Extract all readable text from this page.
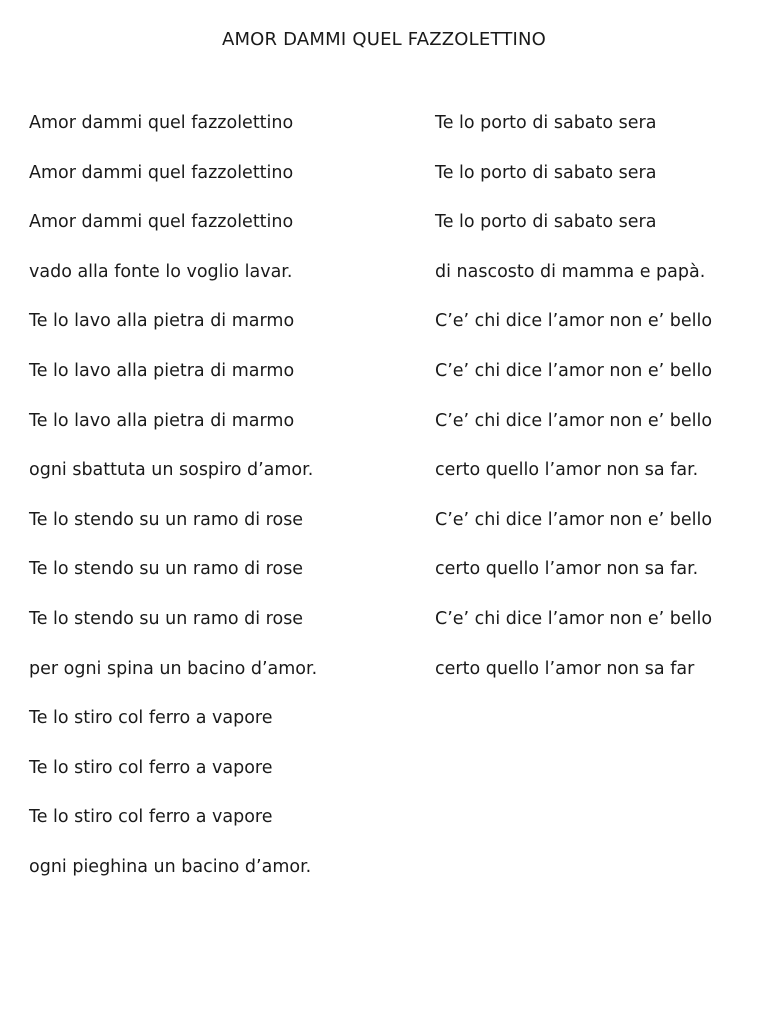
AMOR DAMMI QUEL FAZZOLETTINO
Amor dammi quel fazzolettino
Amor dammi quel fazzolettino
Amor dammi quel fazzolettino
vado alla fonte lo voglio lavar.
Te lo lavo alla pietra di marmo
Te lo lavo alla pietra di marmo
Te lo lavo alla pietra di marmo
ogni sbattuta un sospiro d’amor.
Te lo stendo su un ramo di rose
Te lo stendo su un ramo di rose
Te lo stendo su un ramo di rose
per ogni spina un bacino d’amor.
Te lo stiro col ferro a vapore
Te lo stiro col ferro a vapore
Te lo stiro col ferro a vapore
ogni pieghina un bacino d’amor.
Te lo porto di sabato sera
Te lo porto di sabato sera
Te lo porto di sabato sera
di nascosto di mamma e papà.
C’e’ chi dice l’amor non e’ bello
C’e’ chi dice l’amor non e’ bello
C’e’ chi dice l’amor non e’ bello
certo quello l’amor non sa far.
C’e’ chi dice l’amor non e’ bello
certo quello l’amor non sa far.
C’e’ chi dice l’amor non e’ bello
certo quello l’amor non sa far
